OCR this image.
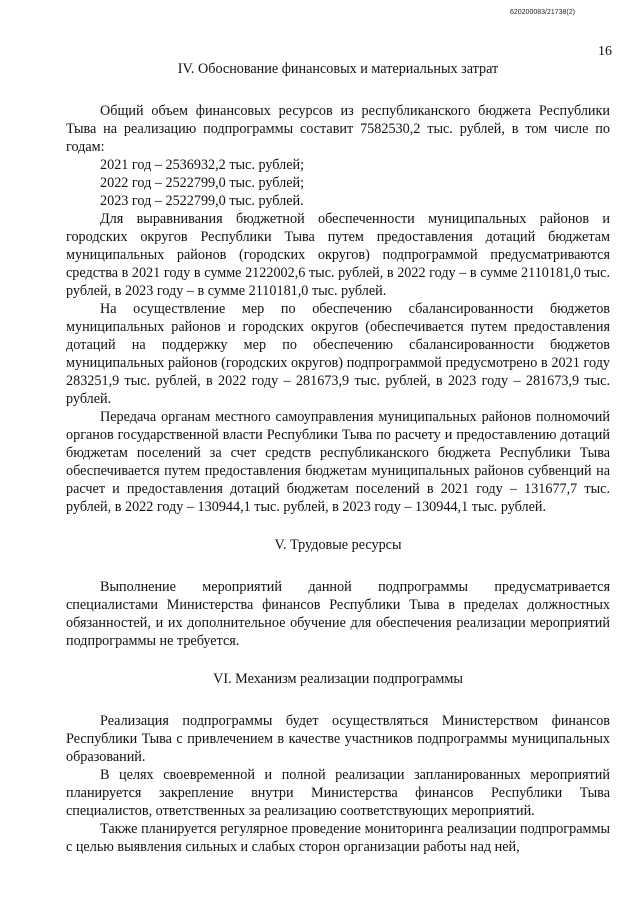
620200083/21738(2)
16
IV. Обоснование финансовых и материальных затрат

Общий объем финансовых ресурсов из республиканского бюджета Республики Тыва на реализацию подпрограммы составит 7582530,2 тыс. рублей, в том числе по годам:

2021 год – 2536932,2 тыс. рублей;
2022 год – 2522799,0 тыс. рублей;
2023 год – 2522799,0 тыс. рублей.

Для выравнивания бюджетной обеспеченности муниципальных районов и городских округов Республики Тыва путем предоставления дотаций бюджетам муниципальных районов (городских округов) подпрограммой предусматриваются средства в 2021 году в сумме 2122002,6 тыс. рублей, в 2022 году – в сумме 2110181,0 тыс. рублей, в 2023 году – в сумме 2110181,0 тыс. рублей.

На осуществление мер по обеспечению сбалансированности бюджетов муниципальных районов и городских округов (обеспечивается путем предоставления дотаций на поддержку мер по обеспечению сбалансированности бюджетов муниципальных районов (городских округов) подпрограммой предусмотрено в 2021 году 283251,9 тыс. рублей, в 2022 году – 281673,9 тыс. рублей, в 2023 году – 281673,9 тыс. рублей.

Передача органам местного самоуправления муниципальных районов полномочий органов государственной власти Республики Тыва по расчету и предоставлению дотаций бюджетам поселений за счет средств республиканского бюджета Республики Тыва обеспечивается путем предоставления бюджетам муниципальных районов субвенций на расчет и предоставления дотаций бюджетам поселений в 2021 году – 131677,7 тыс. рублей, в 2022 году – 130944,1 тыс. рублей, в 2023 году – 130944,1 тыс. рублей.

V. Трудовые ресурсы

Выполнение мероприятий данной подпрограммы предусматривается специалистами Министерства финансов Республики Тыва в пределах должностных обязанностей, и их дополнительное обучение для обеспечения реализации мероприятий подпрограммы не требуется.

VI. Механизм реализации подпрограммы

Реализация подпрограммы будет осуществляться Министерством финансов Республики Тыва с привлечением в качестве участников подпрограммы муниципальных образований.

В целях своевременной и полной реализации запланированных мероприятий планируется закрепление внутри Министерства финансов Республики Тыва специалистов, ответственных за реализацию соответствующих мероприятий.

Также планируется регулярное проведение мониторинга реализации подпрограммы с целью выявления сильных и слабых сторон организации работы над ней,
